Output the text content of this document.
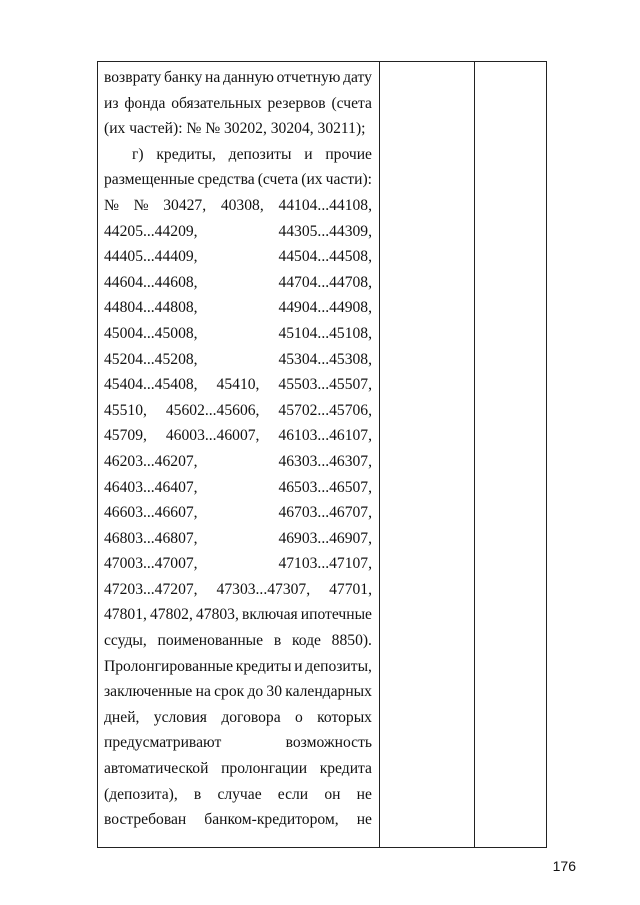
возврату банку на данную отчетную дату
из фонда обязательных резервов (счета
(их частей): № № 30202, 30204, 30211);
г) кредиты, депозиты и прочие
размещенные средства (счета (их части):
№ № 30427, 40308, 44104...44108,
44205...44209,	44305...44309,
44405...44409,	44504...44508,
44604...44608,	44704...44708,
44804...44808,	44904...44908,
45004...45008,	45104...45108,
45204...45208,	45304...45308,
45404...45408, 45410, 45503...45507,
45510, 45602...45606, 45702...45706,
45709, 46003...46007, 46103...46107,
46203...46207,	46303...46307,
46403...46407,	46503...46507,
46603...46607,	46703...46707,
46803...46807,	46903...46907,
47003...47007,	47103...47107,
47203...47207, 47303...47307, 47701,
47801, 47802, 47803, включая ипотечные
ссуды, поименованные в коде 8850).
Пролонгированные кредиты и депозиты,
заключенные на срок до 30 календарных
дней, условия договора о которых
предусматривают	возможность
автоматической пролонгации кредита
(депозита), в случае если он не
востребован банком-кредитором, не
176
